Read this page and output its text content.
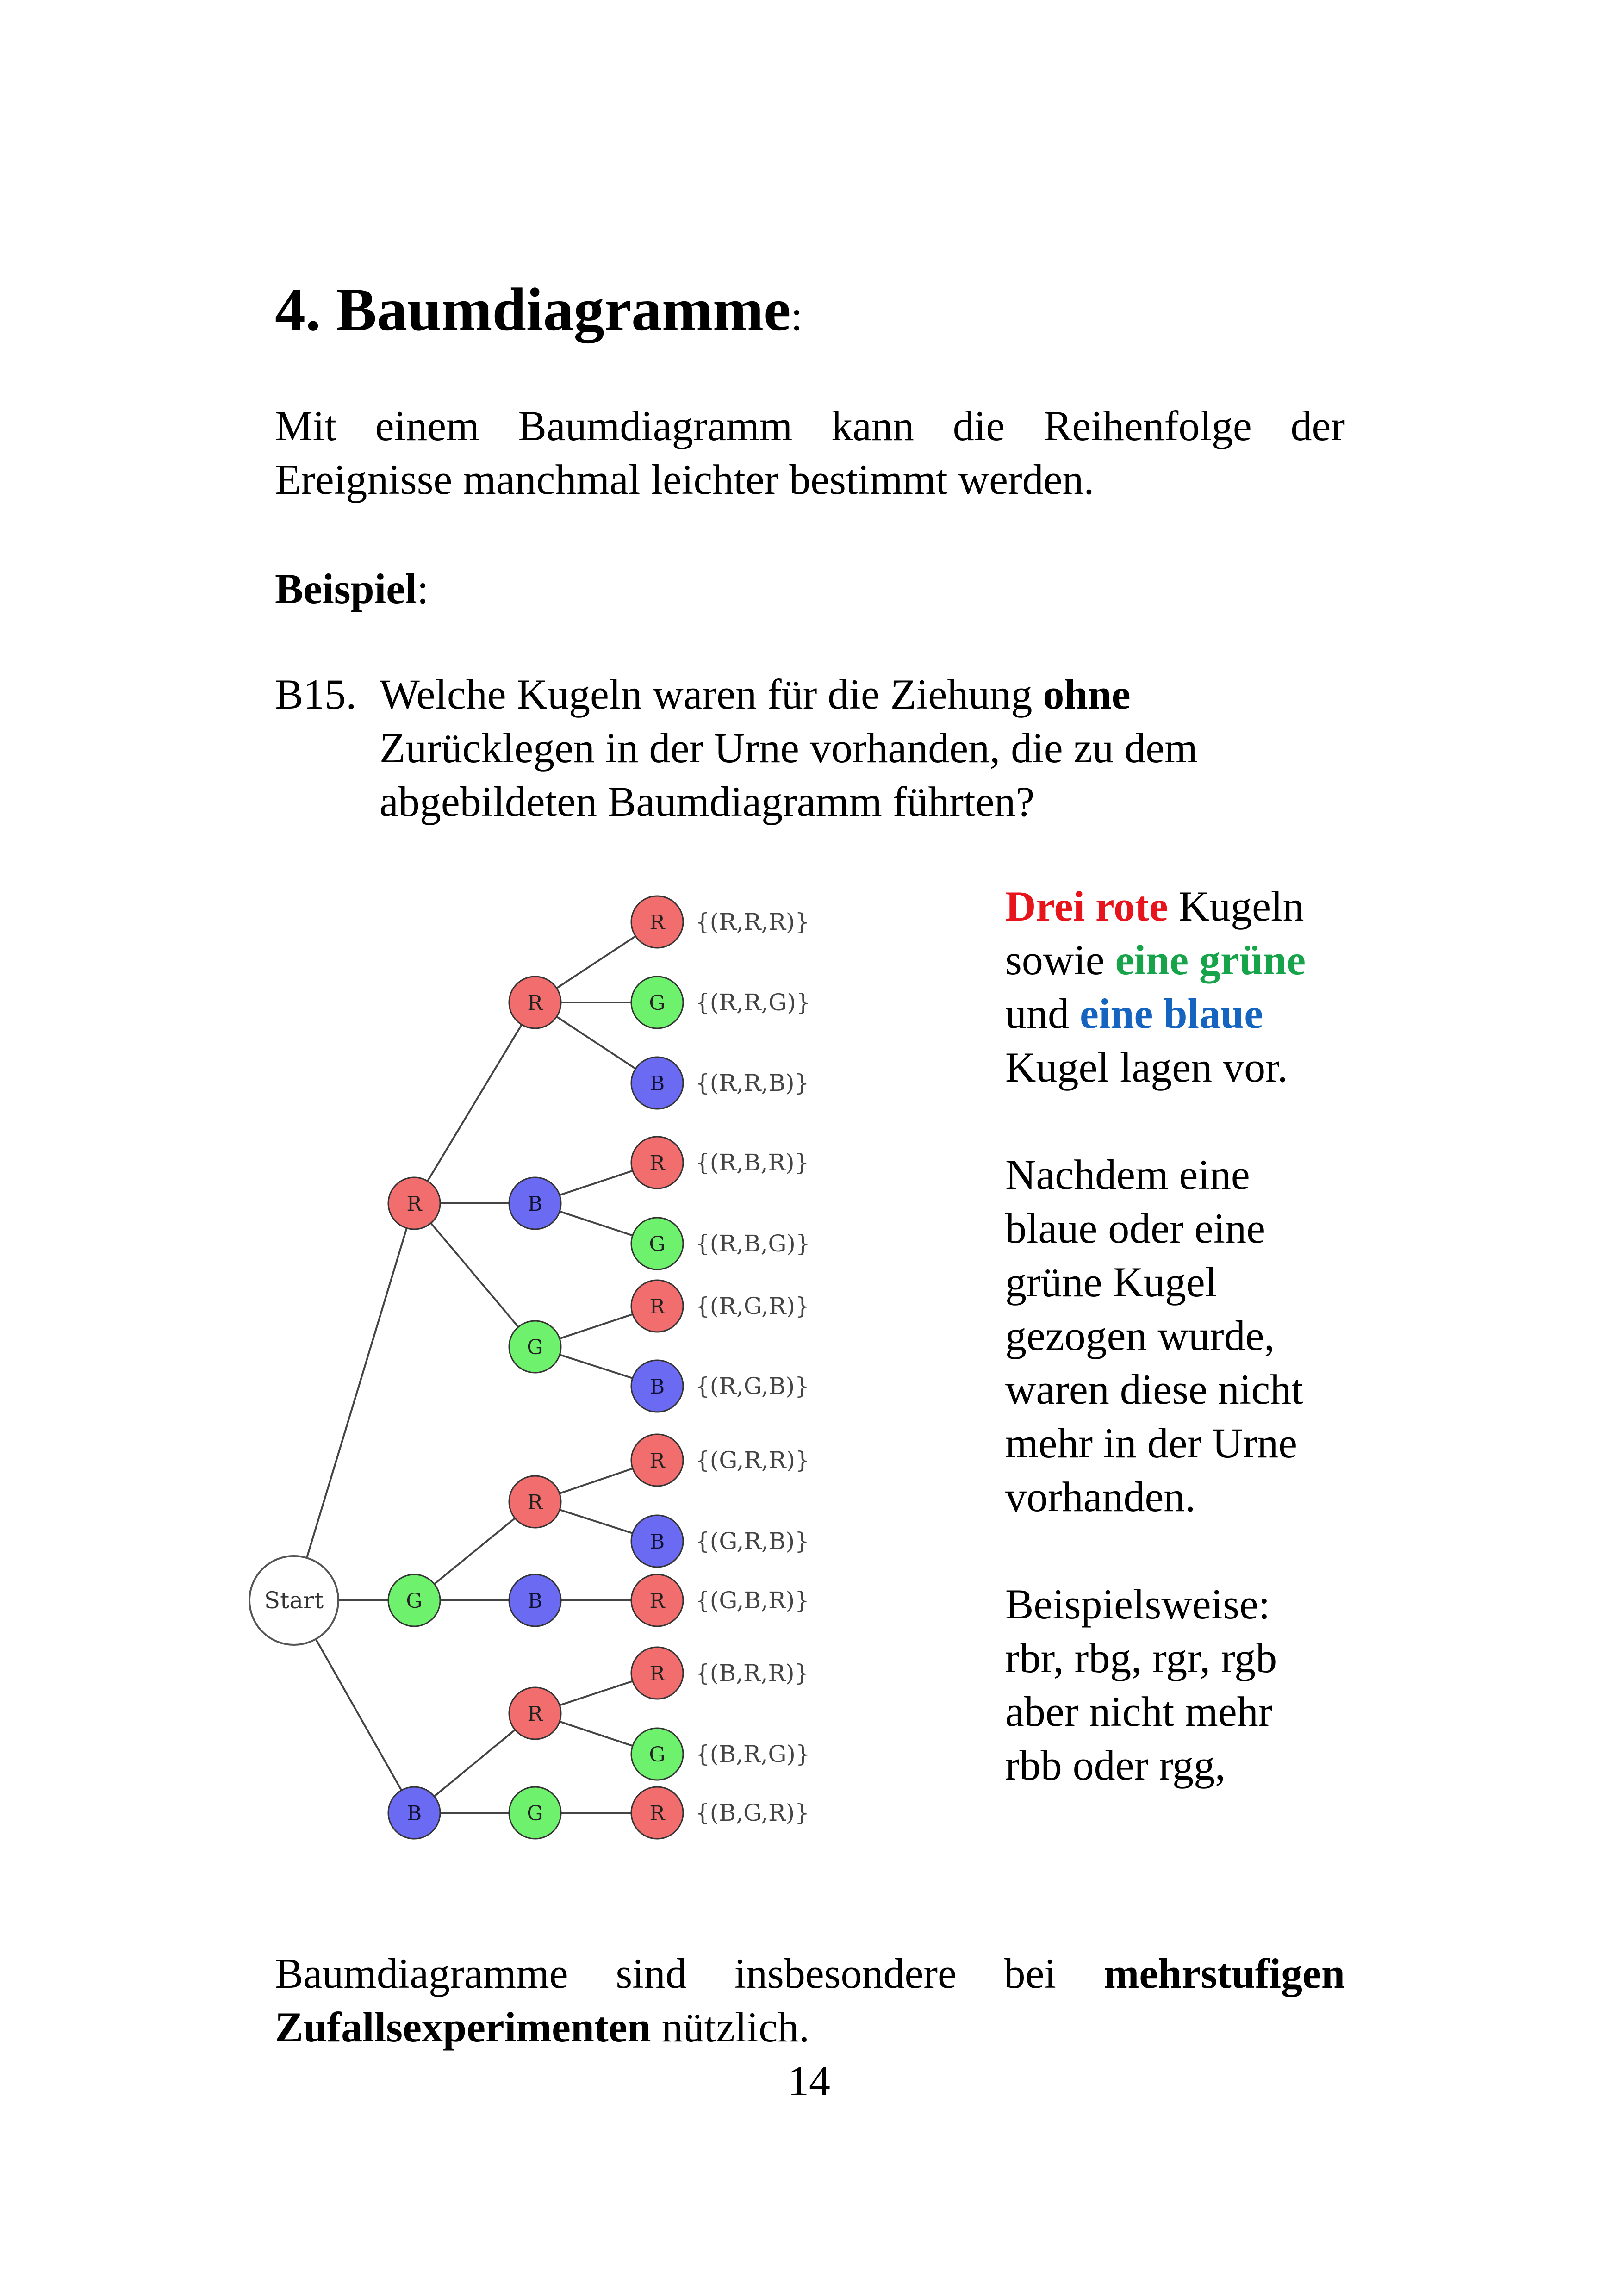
4. Baumdiagramme:
Mit einem Baumdiagramm kann die Reihenfolge der
Ereignisse manchmal leichter bestimmt werden.
Beispiel:
B15. Welche Kugeln waren für die Ziehung ohne
Zurücklegen in der Urne vorhanden, die zu dem
abgebildeten Baumdiagramm führten?
Start
R
G
B
R
B
G
R
B
R
G
R {(R,R,R)}
G {(R,R,G)}
B {(R,R,B)}
R {(R,B,R)}
G {(R,B,G)}
R {(R,G,R)}
B {(R,G,B)}
R {(G,R,R)}
B {(G,R,B)}
R {(G,B,R)}
R {(B,R,R)}
G {(B,R,G)}
R {(B,G,R)}
Drei rote Kugeln
sowie eine grüne
und eine blaue
Kugel lagen vor.
Nachdem eine
blaue oder eine
grüne Kugel
gezogen wurde,
waren diese nicht
mehr in der Urne
vorhanden.
Beispielsweise:
rbr, rbg, rgr, rgb
aber nicht mehr
rbb oder rgg,
Baumdiagramme sind insbesondere bei mehrstufigen
Zufallsexperimenten nützlich.
14
